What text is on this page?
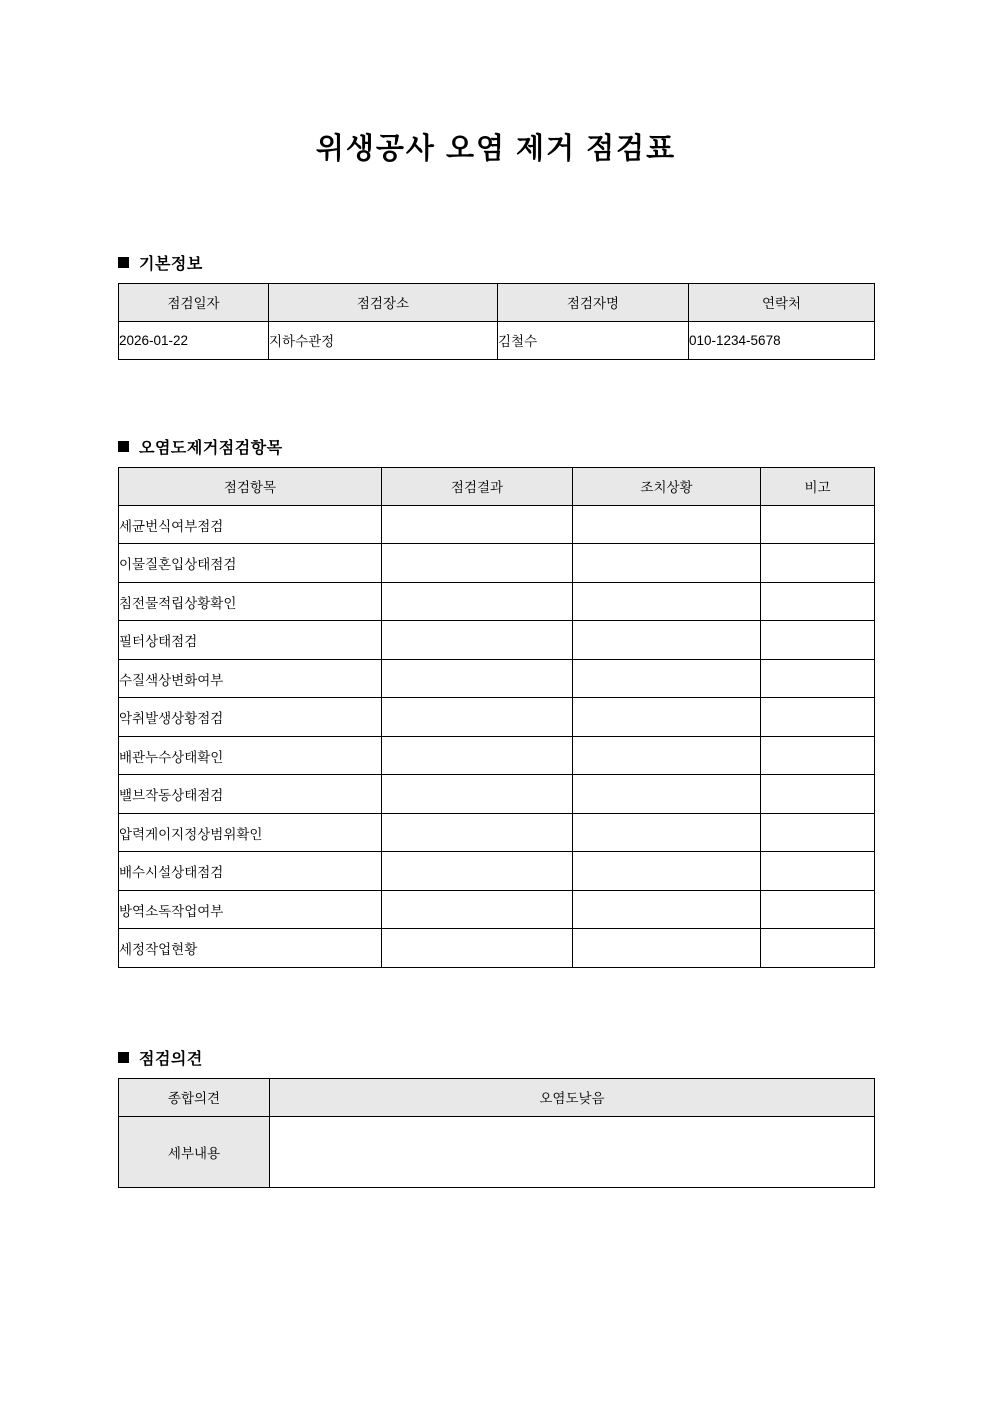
위생공사 오염 제거 점검표
기본정보
점검일자	점검장소	점검자명	연락처
2026-01-22	지하수관정	김철수	010-1234-5678
오염도제거점검항목
점검항목	점검결과	조치상황	비고
세균번식여부점검			
이물질혼입상태점검			
침전물적립상황확인			
필터상태점검			
수질색상변화여부			
악취발생상황점검			
배관누수상태확인			
밸브작동상태점검			
압력게이지정상범위확인			
배수시설상태점검			
방역소독작업여부			
세정작업현황			
점검의견
종합의견	오염도낮음
세부내용	
